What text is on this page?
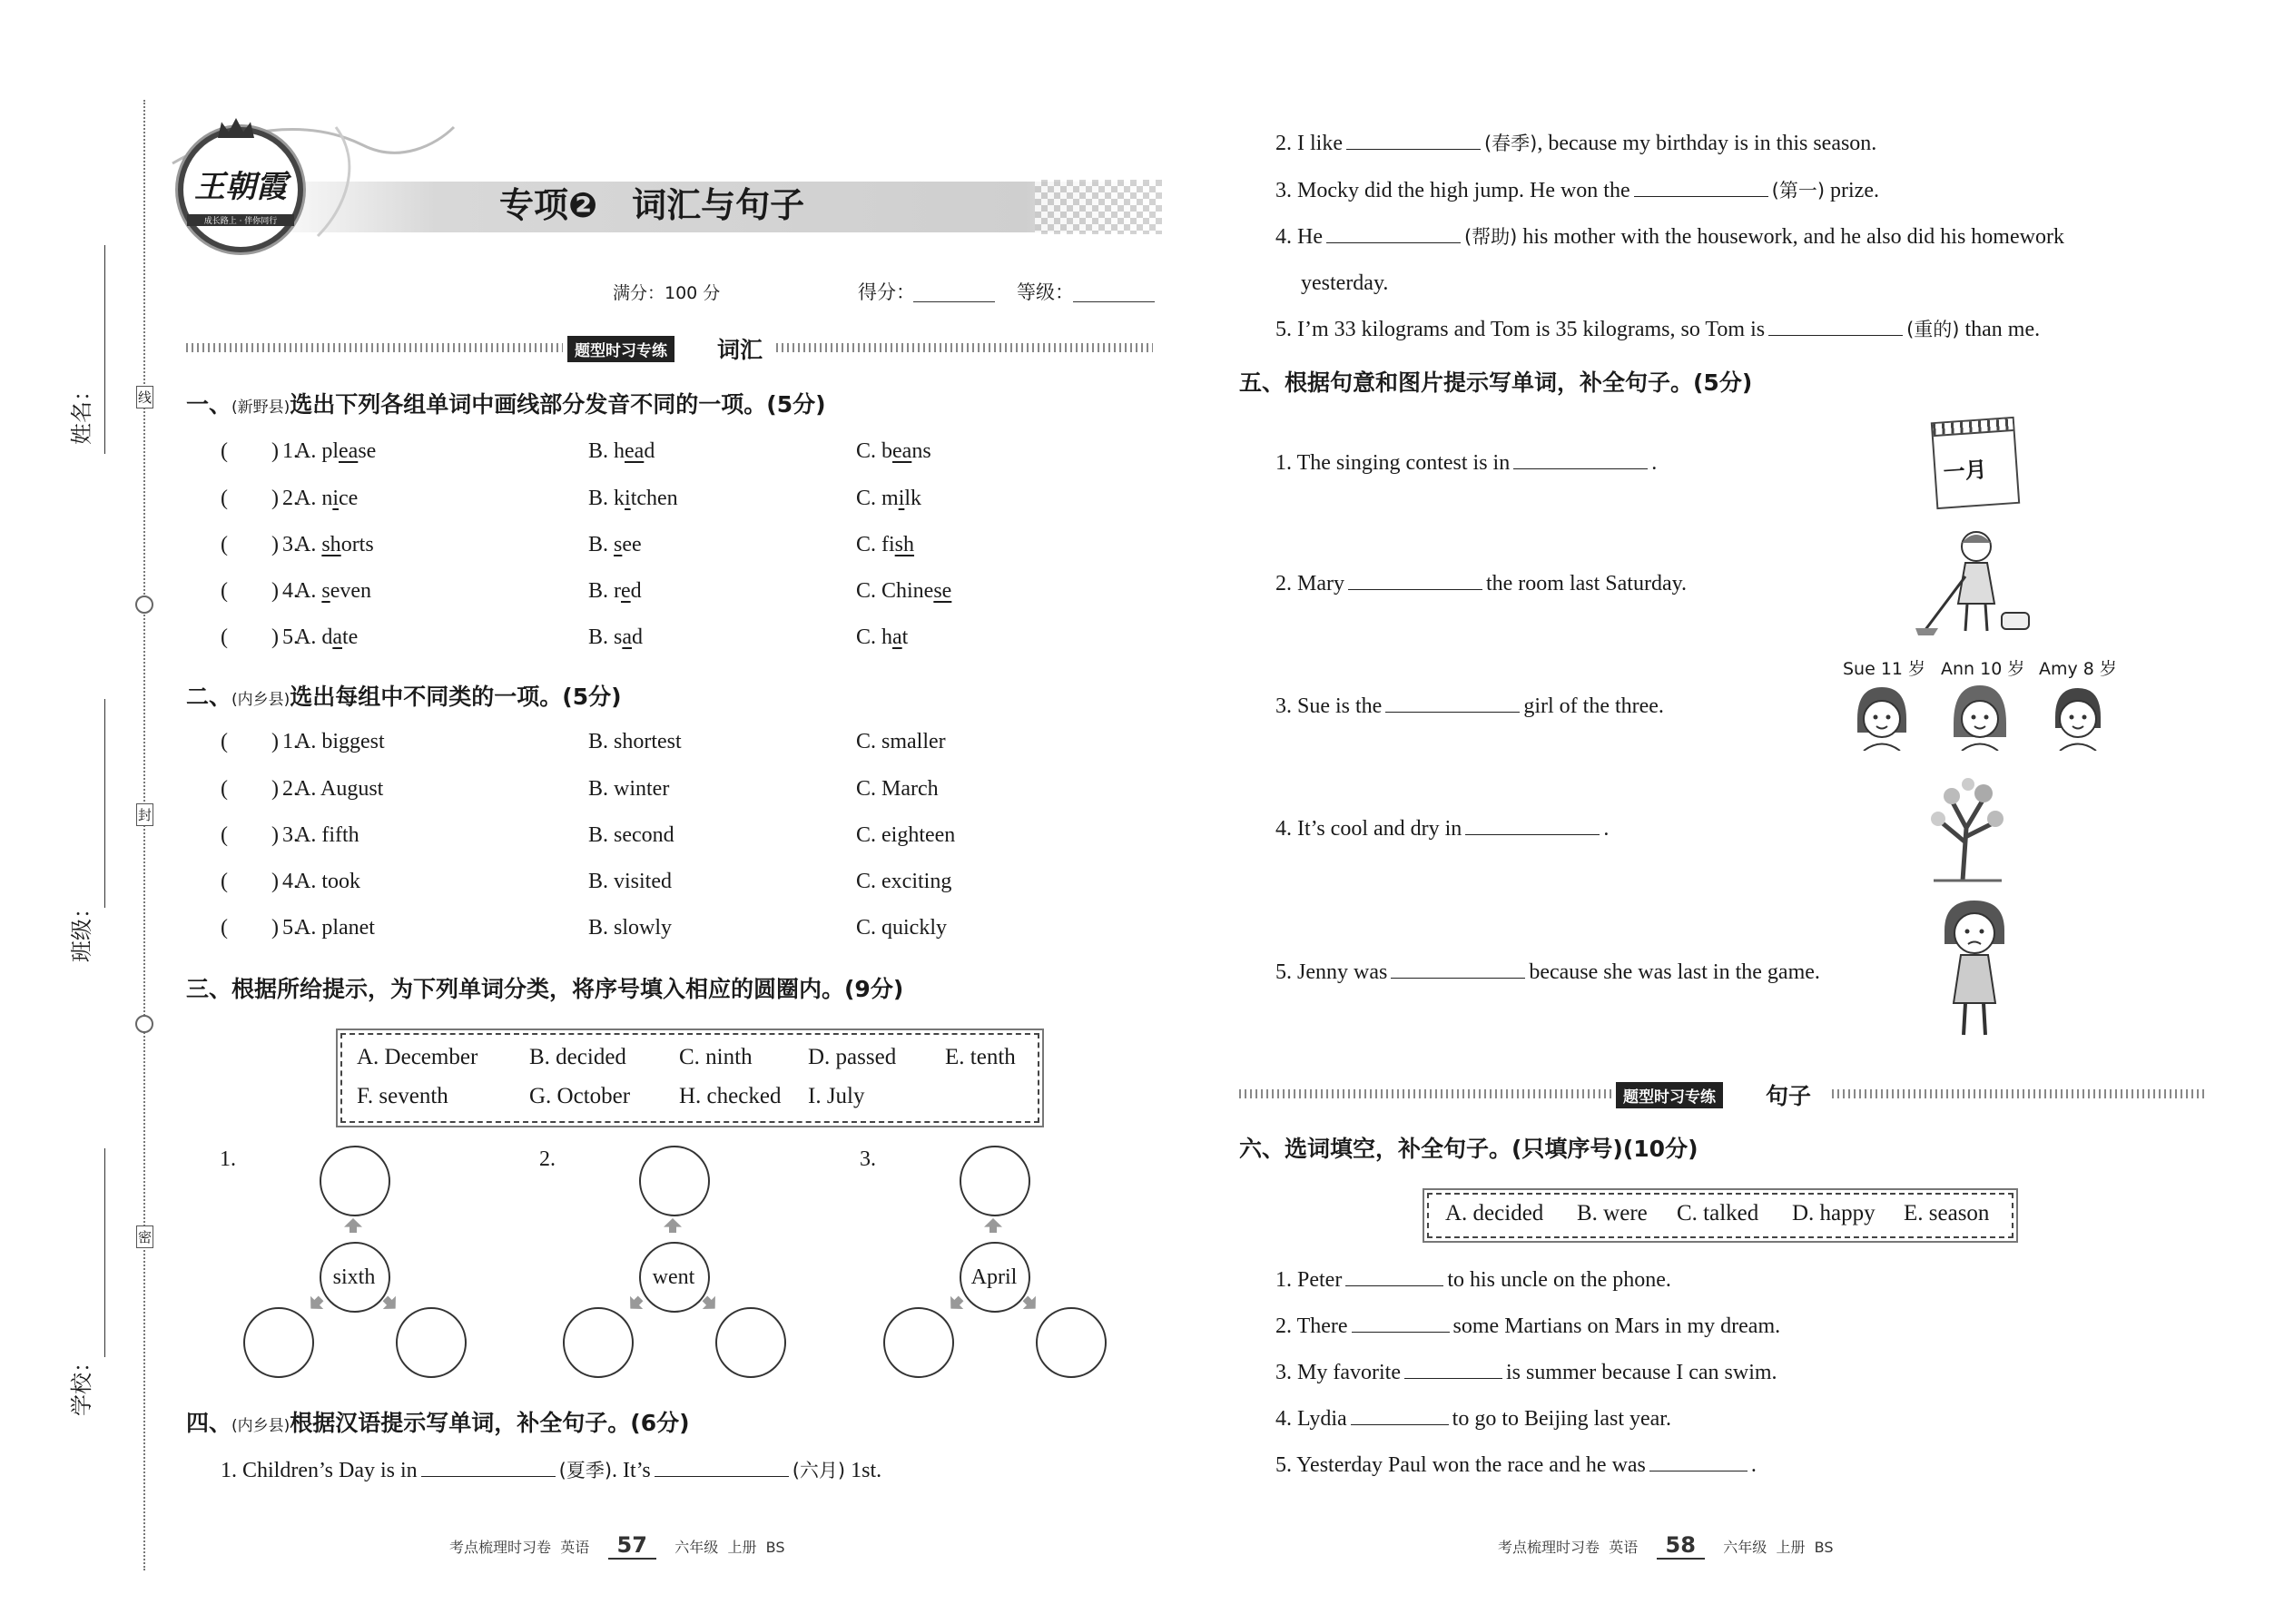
姓名：
班级：
学校：
线
封
密
王朝霞
成长路上 · 伴你同行	专项❷　词汇与句子
满分：100 分	得分：	等级：
题型时习专练	词汇
一、(新野县)选出下列各组单词中画线部分发音不同的一项。(5分)
(  ) 1.
A. please	B. head	C. beans
(  ) 2.
A. nice	B. kitchen	C. milk
(  ) 3.
A. shorts	B. see	C. fish
(  ) 4.
A. seven	B. red	C. Chinese
(  ) 5.
A. date	B. sad	C. hat
二、(内乡县)选出每组中不同类的一项。(5分)
(  ) 1.
A. biggest	B. shortest	C. smaller
(  ) 2.
A. August	B. winter	C. March
(  ) 3.
A. fifth	B. second	C. eighteen
(  ) 4.
A. took	B. visited	C. exciting
(  ) 5.
A. planet	B. slowly	C. quickly
三、根据所给提示，为下列单词分类，将序号填入相应的圆圈内。(9分)
A. December B. decided C. ninth D. passed E. tenth
F. seventh	G. October H. checked I. July
1.
sixth
2.
went
3.
April
四、(内乡县)根据汉语提示写单词，补全句子。(6分)
1. Children’s Day is in	(夏季). It’s	(六月) 1st.
考点梳理时习卷 英语 57 六年级 上册 BS
2. I like	(春季), because my birthday is in this season.
3. Mocky did the high jump. He won the	(第一) prize.
4. He	(帮助) his mother with the housework, and he also did his homework
yesterday.
5. I’m 33 kilograms and Tom is 35 kilograms, so Tom is	(重的) than me.
五、根据句意和图片提示写单词，补全句子。(5分)
1. The singing contest is in	.
2. Mary	the room last Saturday.
3. Sue is the	girl of the three.
4. It’s cool and dry in	.
5. Jenny was	because she was last in the game.
一月
Sue 11 岁 Ann 10 岁 Amy 8 岁
题型时习专练	句子
六、选词填空，补全句子。(只填序号)(10分)
A. decided B. were C. talked D. happy E. season
1. Peter	to his uncle on the phone.
2. There	some Martians on Mars in my dream.
3. My favorite	is summer because I can swim.
4. Lydia	to go to Beijing last year.
5. Yesterday Paul won the race and he was	.
考点梳理时习卷 英语 58 六年级 上册 BS
